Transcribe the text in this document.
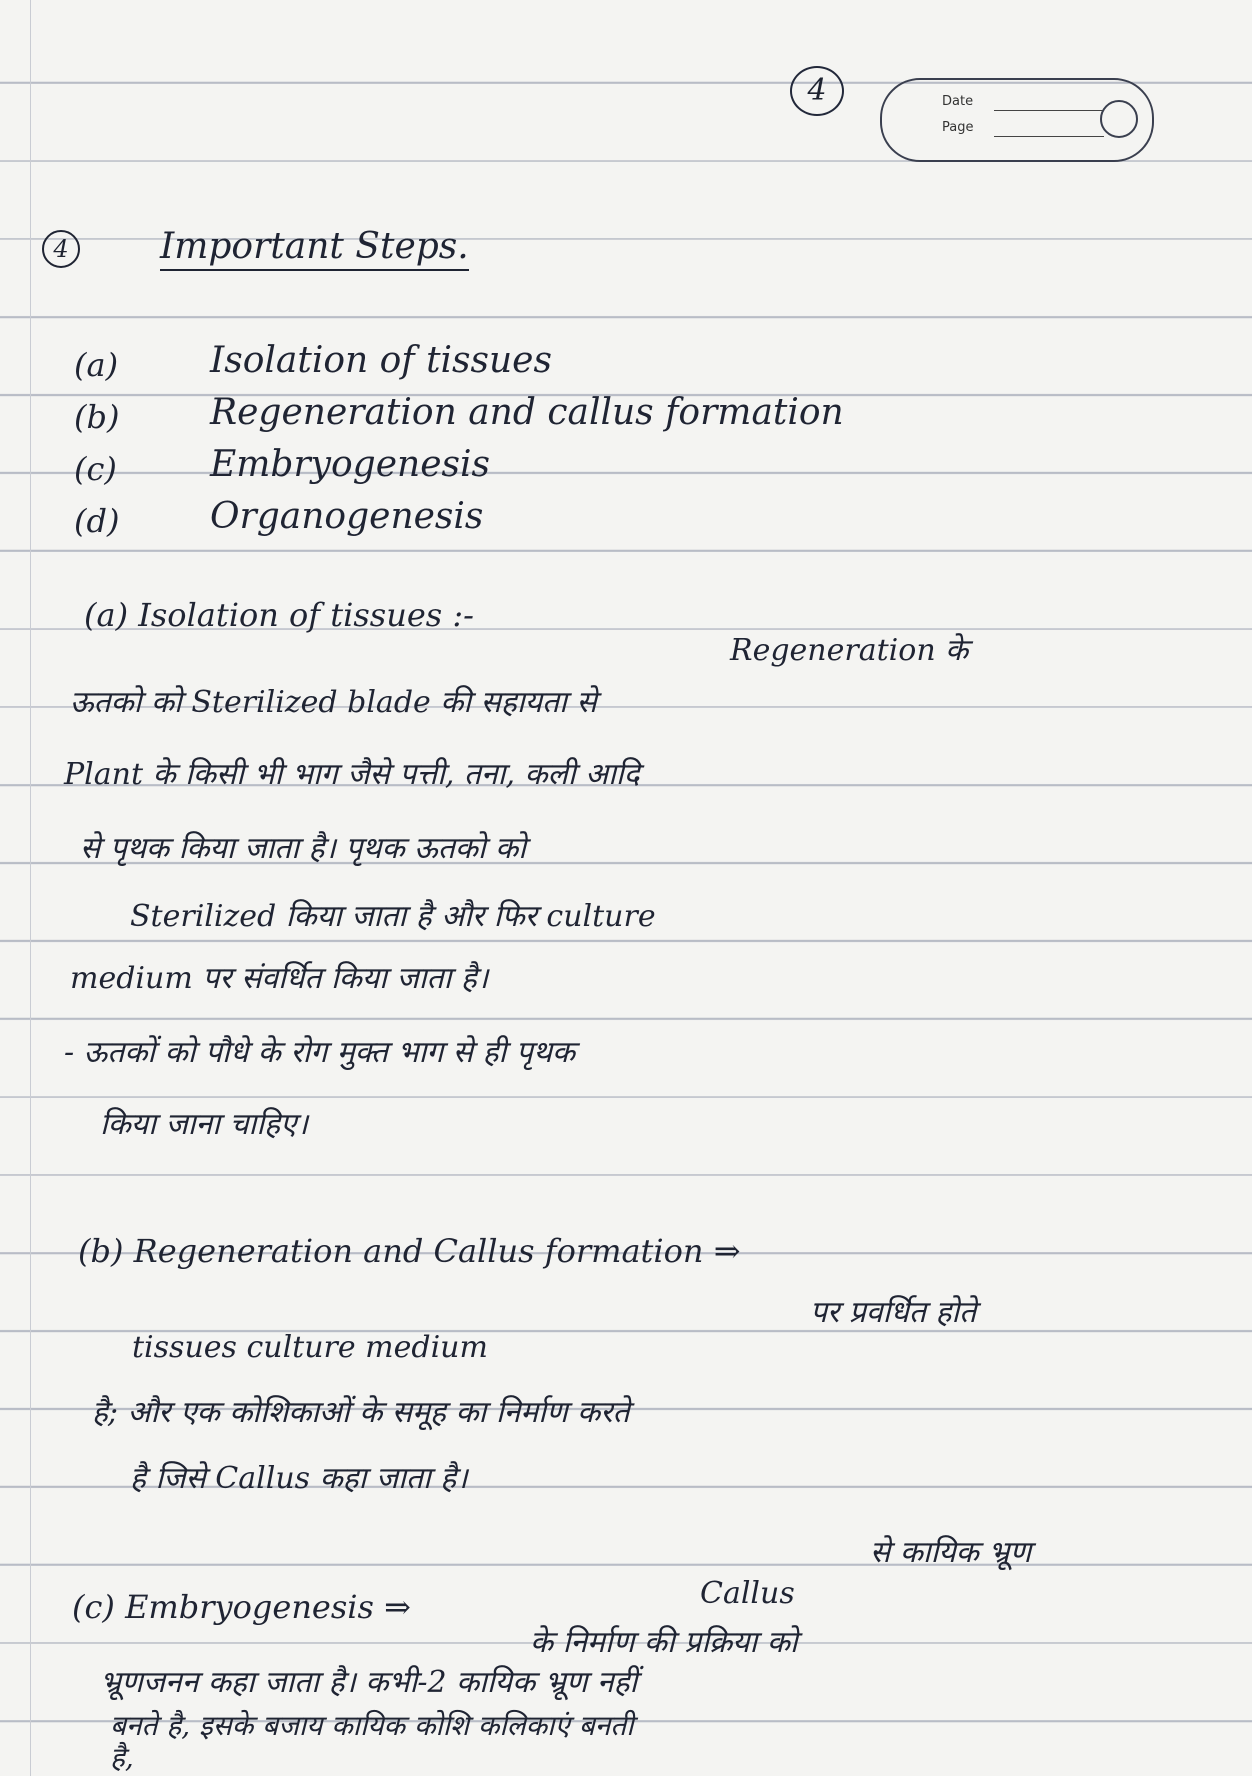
4	Date
Page
4	Important Steps.
(a)	Isolation of tissues
(b)	Regeneration and callus formation
(c)	Embryogenesis
(d)	Organogenesis
(a) Isolation of tissues :-
Regeneration के
ऊतको को Sterilized blade की सहायता से
Plant के किसी भी भाग जैसे पत्ती, तना, कली आदि
से पृथक किया जाता है। पृथक ऊतको को
Sterilized किया जाता है और फिर culture
medium पर संवर्धित किया जाता है।
- ऊतकों को पौधे के रोग मुक्त भाग से ही पृथक
किया जाना चाहिए।
(b) Regeneration and Callus formation ⇒
पर प्रवर्धित होते
tissues culture medium
है; और एक कोशिकाओं के समूह का निर्माण करते
है जिसे Callus कहा जाता है।
(c) Embryogenesis ⇒
से कायिक भ्रूण
Callus
के निर्माण की प्रक्रिया को
भ्रूणजनन कहा जाता है। कभी-2 कायिक भ्रूण नहीं
बनते है, इसके बजाय कायिक कोशि कलिकाएं बनती
है,
